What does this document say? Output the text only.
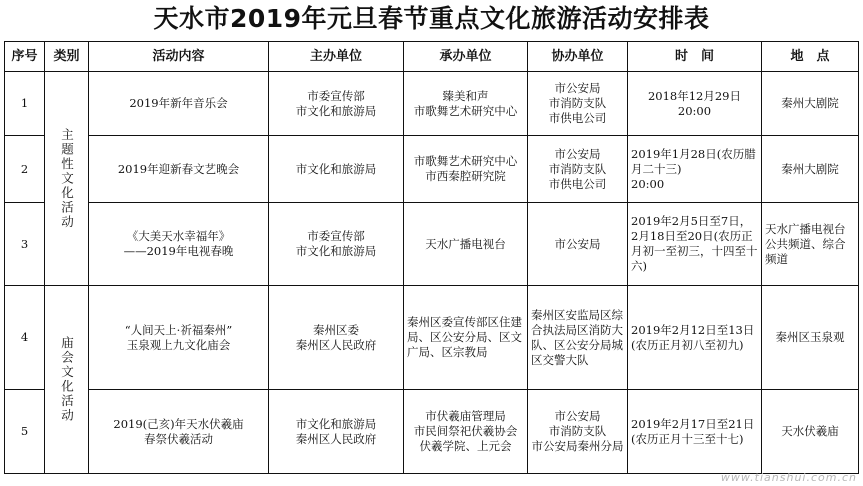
天水市2019年元旦春节重点文化旅游活动安排表
序号	类别	活动内容	主办单位	承办单位	协办单位	时　间	地　点
1	主题性文化活动	2019年新年音乐会	市委宣传部
市文化和旅游局	臻美和声
市歌舞艺术研究中心	市公安局
市消防支队
市供电公司	2018年12月29日
20:00	秦州大剧院
2		2019年迎新春文艺晚会	市文化和旅游局	市歌舞艺术研究中心
市西秦腔研究院	市公安局
市消防支队
市供电公司	2019年1月28日(农历腊月二十三)
20:00	秦州大剧院
3		《大美天水幸福年》
——2019年电视春晚	市委宣传部
市文化和旅游局	天水广播电视台	市公安局	2019年2月5日至7日，2月18日至20日(农历正月初一至初三，十四至十六)	天水广播电视台公共频道、综合频道
4	庙会文化活动	“人间天上·祈福秦州”
玉泉观上九文化庙会	秦州区委
秦州区人民政府	秦州区委宣传部区住建局、区公安分局、区文广局、区宗教局	秦州区安监局区综合执法局区消防大队、区公安分局城区交警大队	2019年2月12日至13日(农历正月初八至初九)	秦州区玉泉观
5		2019(己亥)年天水伏羲庙
春祭伏羲活动	市文化和旅游局
秦州区人民政府	市伏羲庙管理局
市民间祭祀伏羲协会
伏羲学院、上元会	市公安局
市消防支队
市公安局秦州分局	2019年2月17日至21日(农历正月十三至十七)	天水伏羲庙
www.tianshui.com.cn
